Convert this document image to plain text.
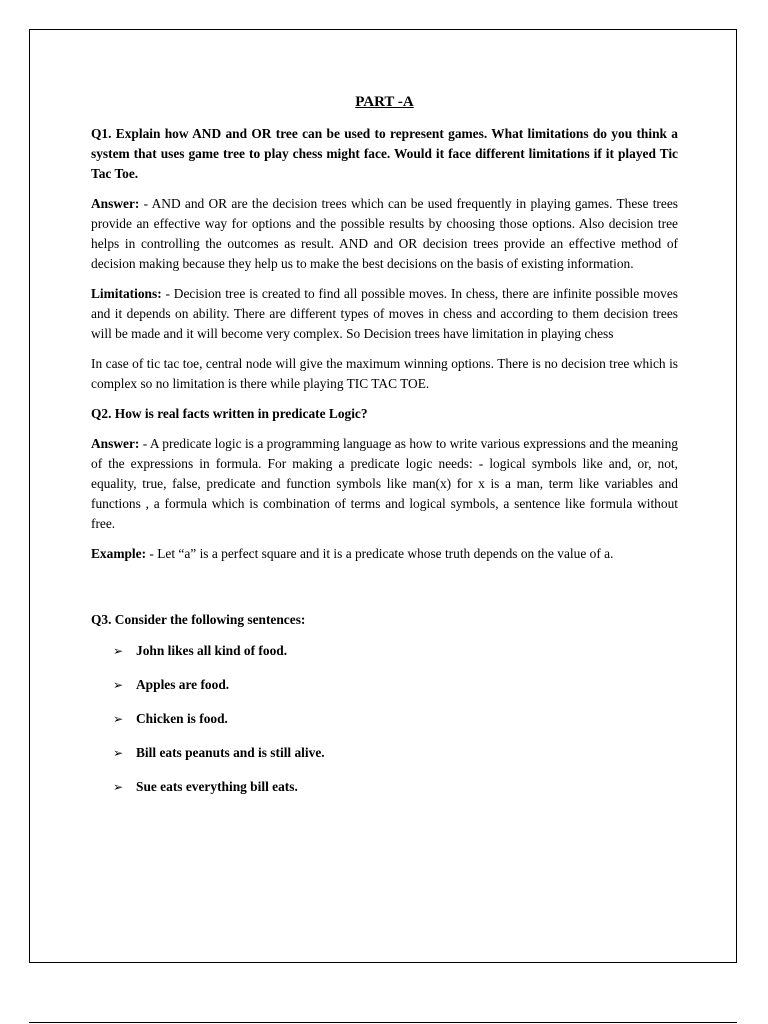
PART -A

Q1. Explain how AND and OR tree can be used to represent games. What limitations do you think a system that uses game tree to play chess might face. Would it face different limitations if it played Tic Tac Toe.

Answer: - AND and OR are the decision trees which can be used frequently in playing games. These trees provide an effective way for options and the possible results by choosing those options. Also decision tree helps in controlling the outcomes as result. AND and OR decision trees provide an effective method of decision making because they help us to make the best decisions on the basis of existing information.

Limitations: - Decision tree is created to find all possible moves. In chess, there are infinite possible moves and it depends on ability. There are different types of moves in chess and according to them decision trees will be made and it will become very complex. So Decision trees have limitation in playing chess

In case of tic tac toe, central node will give the maximum winning options. There is no decision tree which is complex so no limitation is there while playing TIC TAC TOE.

Q2. How is real facts written in predicate Logic?

Answer: - A predicate logic is a programming language as how to write various expressions and the meaning of the expressions in formula. For making a predicate logic needs: - logical symbols like and, or, not, equality, true, false, predicate and function symbols like man(x) for x is a man, term like variables and functions , a formula which is combination of terms and logical symbols, a sentence like formula without free.

Example: - Let “a” is a perfect square and it is a predicate whose truth depends on the value of a.

Q3. Consider the following sentences:

➢ John likes all kind of food.
➢ Apples are food.
➢ Chicken is food.
➢ Bill eats peanuts and is still alive.
➢ Sue eats everything bill eats.
